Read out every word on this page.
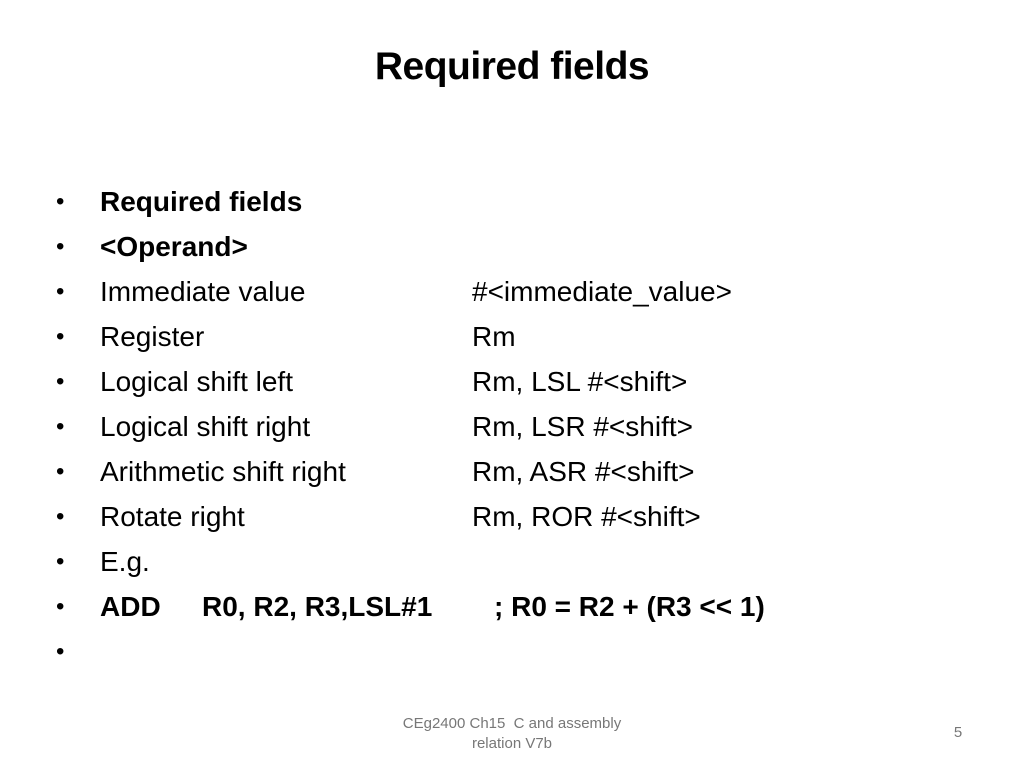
Required fields
•	Required fields
•	<Operand>
•	Immediate value	#<immediate_value>
•	Register	Rm
•	Logical shift left	Rm, LSL #<shift>
•	Logical shift right	Rm, LSR #<shift>
•	Arithmetic shift right	Rm, ASR #<shift>
•	Rotate right	Rm, ROR #<shift>
•	E.g.
•	ADD R0, R2, R3,LSL#1 ; R0 = R2 + (R3 << 1)
•
CEg2400 Ch15  C and assembly
relation V7b
5
